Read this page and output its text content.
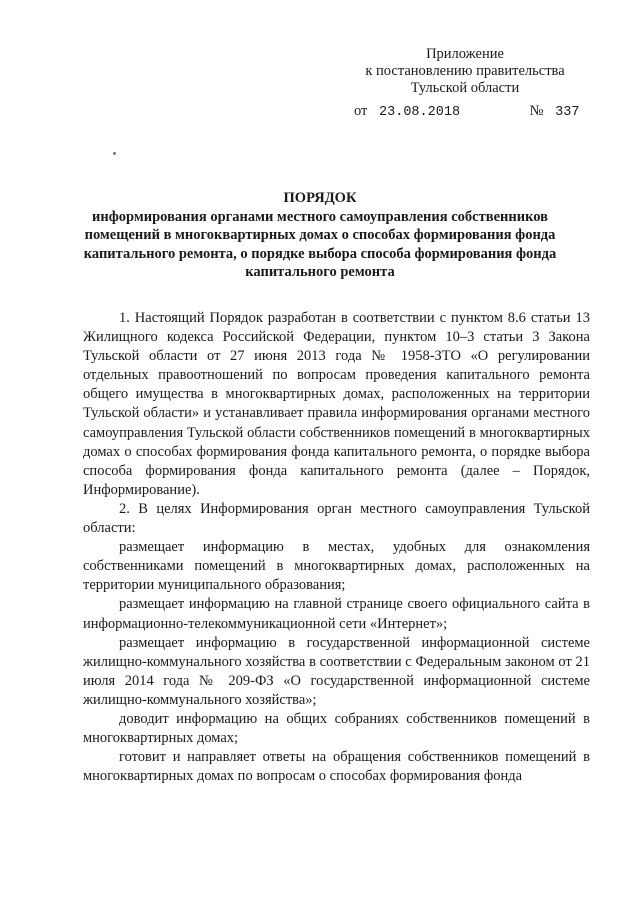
Приложение
к постановлению правительства
Тульской области
от 23.08.2018	№ 337
ПОРЯДОК
информирования органами местного самоуправления собственников
помещений в многоквартирных домах о способах формирования фонда
капитального ремонта, о порядке выбора способа формирования фонда
капитального ремонта

1. Настоящий Порядок разработан в соответствии с пунктом 8.6 статьи 13 Жилищного кодекса Российской Федерации, пунктом 10–3 статьи 3 Закона Тульской области от 27 июня 2013 года № 1958-ЗТО «О регулировании отдельных правоотношений по вопросам проведения капитального ремонта общего имущества в многоквартирных домах, расположенных на территории Тульской области» и устанавливает правила информирования органами местного самоуправления Тульской области собственников помещений в многоквартирных домах о способах формирования фонда капитального ремонта, о порядке выбора способа формирования фонда капитального ремонта (далее – Порядок, Информирование).

2. В целях Информирования орган местного самоуправления Тульской области:

размещает информацию в местах, удобных для ознакомления собственниками помещений в многоквартирных домах, расположенных на территории муниципального образования;

размещает информацию на главной странице своего официального сайта в информационно-телекоммуникационной сети «Интернет»;

размещает информацию в государственной информационной системе жилищно-коммунального хозяйства в соответствии с Федеральным законом от 21 июля 2014 года № 209-ФЗ «О государственной информационной системе жилищно-коммунального хозяйства»;

доводит информацию на общих собраниях собственников помещений в многоквартирных домах;

готовит и направляет ответы на обращения собственников помещений в многоквартирных домах по вопросам о способах формирования фонда
